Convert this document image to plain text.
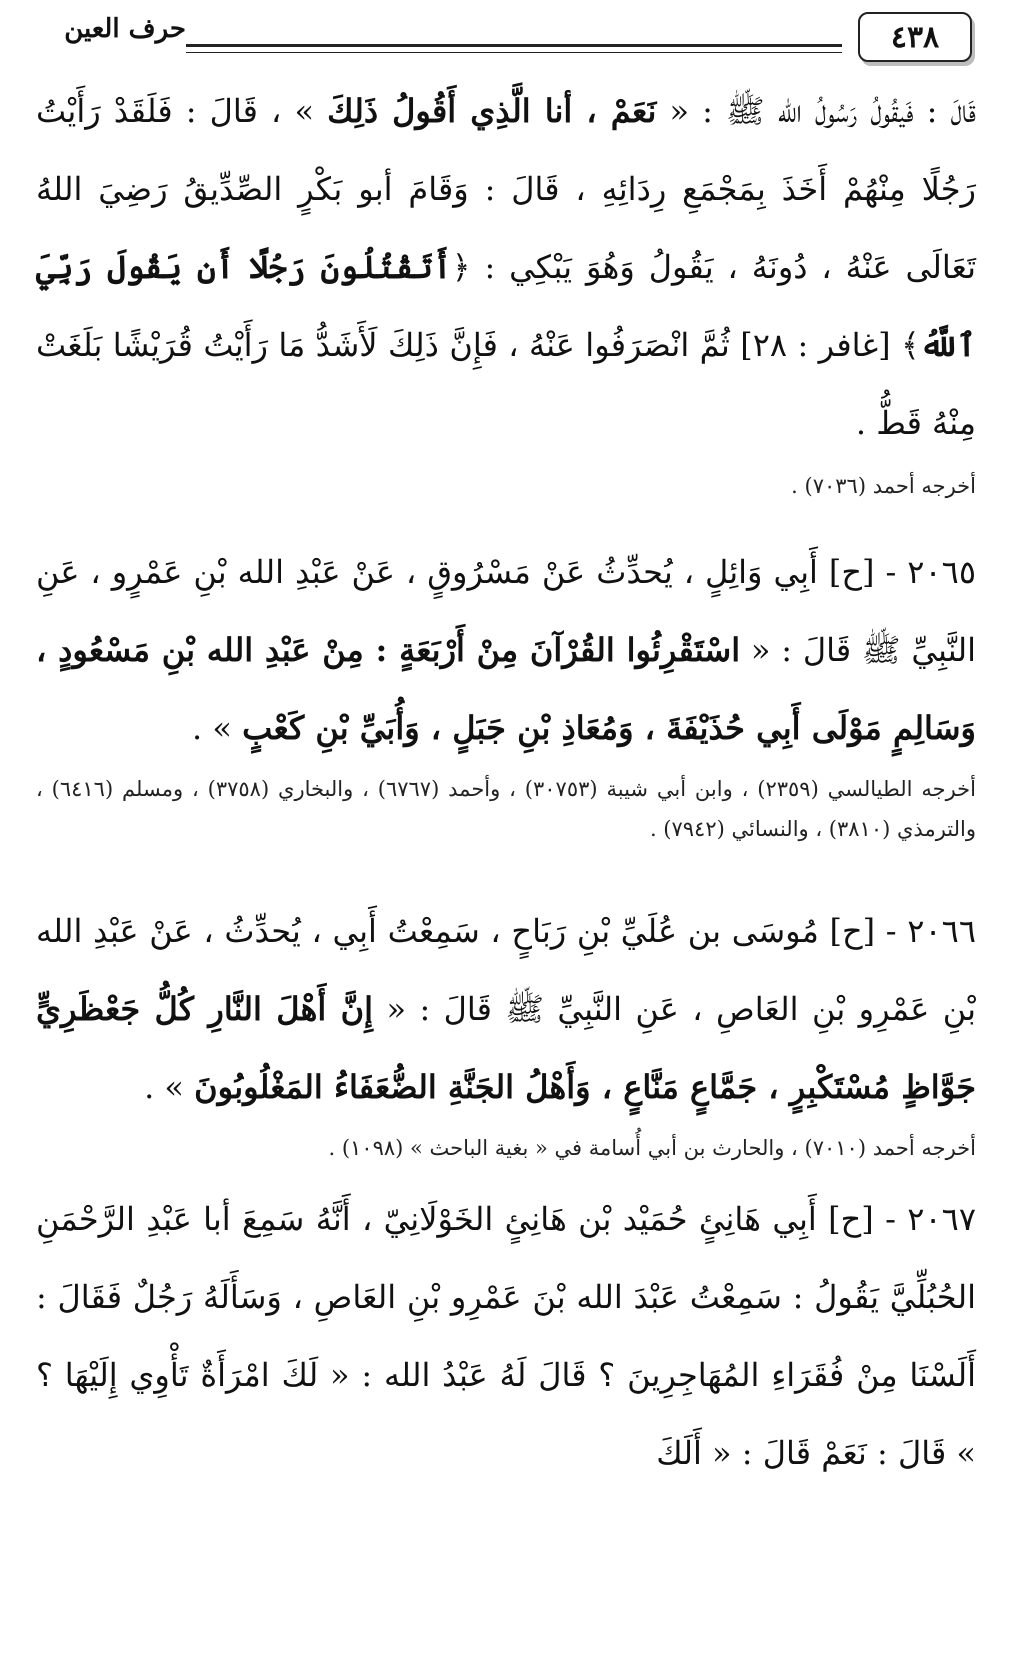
٤٣٨
حرف العين

قَالَ : فَيقُولُ رَسُولُ الله ﷺ : « نَعَمْ ، أنا الَّذِي أَقُولُ ذَلِكَ » ، قَالَ : فَلَقَدْ رَأَيْتُ رَجُلًا مِنْهُمْ أَخَذَ بِمَجْمَعِ رِدَائِهِ ، قَالَ : وَقَامَ أبو بَكْرٍ الصِّدِّيقُ رَضِيَ اللهُ تَعَالَى عَنْهُ ، دُونَهُ ، يَقُولُ وَهُوَ يَبْكِي : ﴿أَتَقْتُلُونَ رَجُلًا أَن يَقُولَ رَبِّيَ ٱللَّهُ﴾ [غافر : ٢٨] ثُمَّ انْصَرَفُوا عَنْهُ ، فَإِنَّ ذَلِكَ لَأَشَدُّ مَا رَأَيْتُ قُرَيْشًا بَلَغَتْ مِنْهُ قَطُّ .

أخرجه أحمد (٧٠٣٦) .

٢٠٦٥ - [ح] أَبِي وَائِلٍ ، يُحدِّثُ عَنْ مَسْرُوقٍ ، عَنْ عَبْدِ الله بْنِ عَمْرٍو ، عَنِ النَّبِيِّ ﷺ قَالَ : « اسْتَقْرِئُوا القُرْآنَ مِنْ أَرْبَعَةٍ : مِنْ عَبْدِ الله بْنِ مَسْعُودٍ ، وَسَالِمٍ مَوْلَى أَبِي حُذَيْفَةَ ، وَمُعَاذِ بْنِ جَبَلٍ ، وَأُبَيِّ بْنِ كَعْبٍ » .

أخرجه الطيالسي (٢٣٥٩) ، وابن أبي شيبة (٣٠٧٥٣) ، وأحمد (٦٧٦٧) ، والبخاري (٣٧٥٨) ، ومسلم (٦٤١٦) ، والترمذي (٣٨١٠) ، والنسائي (٧٩٤٢) .

٢٠٦٦ - [ح] مُوسَى بن عُلَيِّ بْنِ رَبَاحٍ ، سَمِعْتُ أَبِي ، يُحدِّثُ ، عَنْ عَبْدِ الله بْنِ عَمْرِو بْنِ العَاصِ ، عَنِ النَّبِيِّ ﷺ قَالَ : « إِنَّ أَهْلَ النَّارِ كُلُّ جَعْظَرِيٍّ جَوَّاظٍ مُسْتَكْبِرٍ ، جَمَّاعٍ مَنَّاعٍ ، وَأَهْلُ الجَنَّةِ الضُّعَفَاءُ المَغْلُوبُونَ » .

أخرجه أحمد (٧٠١٠) ، والحارث بن أبي أُسامة في « بغية الباحث » (١٠٩٨) .

٢٠٦٧ - [ح] أَبِي هَانِئٍ حُمَيْد بْن هَانِئٍ الخَوْلَانِيّ ، أَنَّهُ سَمِعَ أبا عَبْدِ الرَّحْمَنِ الحُبُلِّيَّ يَقُولُ : سَمِعْتُ عَبْدَ الله بْنَ عَمْرِو بْنِ العَاصِ ، وَسَأَلَهُ رَجُلٌ فَقَالَ : أَلَسْنَا مِنْ فُقَرَاءِ المُهَاجِرِينَ ؟ قَالَ لَهُ عَبْدُ الله : « لَكَ امْرَأَةٌ تَأْوِي إِلَيْهَا ؟ » قَالَ : نَعَمْ قَالَ : « أَلَكَ
